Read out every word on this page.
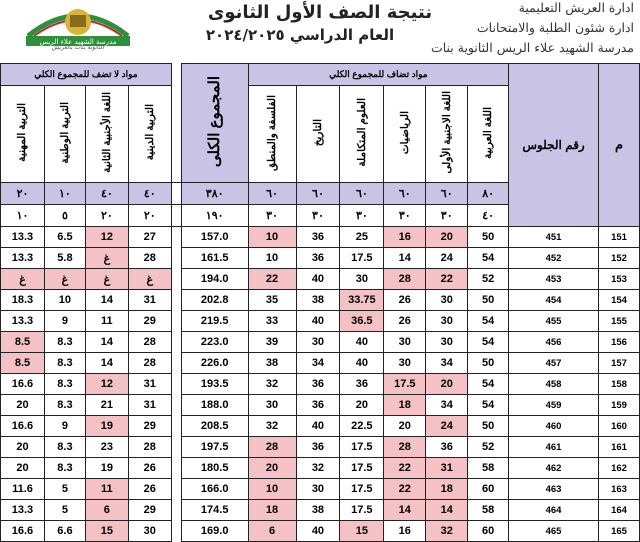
ادارة العريش التعليمية
ادارة شئون الطلبة والامتحانات
مدرسة الشهيد علاء الريس الثانوية بنات
نتيجة الصف الأول الثانوى
العام الدراسي ٢٠٢٤/٢٠٢٥
مدرسة الشهيد علاء الريس
الثانوية بنات بالعريش
مواد لا تضف للمجموع الكلي					المجموع الكلى	مواد تضاف للمجموع الكلي						رقم الجلوس	م
التربية المهنية	التربية الوطنية	اللغة الأجنبية الثانية	التربية الدينية			الفلسفة والمنطق	التاريخ	العلوم المتكاملة	الرياضيات	اللغة الاجنبية الأولى	اللغة العربية		
٢٠	١٠	٤٠	٤٠		٣٨٠	٦٠	٦٠	٦٠	٦٠	٦٠	٨٠		
١٠	٥	٢٠	٢٠		١٩٠	٣٠	٣٠	٣٠	٣٠	٣٠	٤٠		
13.3	6.5	12	27		157.0	10	36	25	16	20	50	451	151
13.3	5.8	غ	28		161.5	10	36	17.5	14	24	54	452	152
غ	غ	غ	غ		194.0	22	40	30	28	22	52	453	153
18.3	10	14	31		202.8	35	38	33.75	26	30	50	454	154
13.3	9	11	29		219.5	33	40	36.5	26	30	54	455	155
8.5	8.3	14	28		223.0	39	30	40	30	30	54	456	156
8.5	8.3	14	28		226.0	38	34	40	30	34	50	457	157
16.6	8.3	12	31		193.5	32	36	36	17.5	20	54	458	158
20	8.3	21	31		188.0	30	36	20	18	34	54	459	159
16.6	9	19	29		208.5	32	40	22.5	20	24	50	460	160
20	8.3	23	28		197.5	28	36	17.5	28	36	52	461	161
20	8.3	19	26		180.5	20	32	17.5	22	31	58	462	162
11.6	5	11	26		166.0	10	30	17.5	22	18	60	463	163
13.3	5	6	29		174.5	18	38	17.5	14	14	58	464	164
16.6	6.6	15	30		169.0	6	40	15	16	32	60	465	165
